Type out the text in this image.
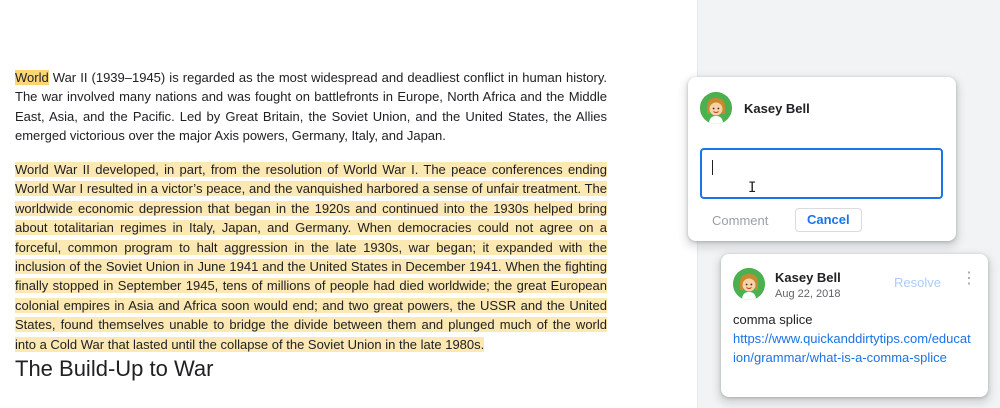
World War II (1939–1945) is regarded as the most widespread and deadliest conflict in human history. The war involved many nations and was fought on battlefronts in Europe, North Africa and the Middle East, Asia, and the Pacific. Led by Great Britain, the Soviet Union, and the United States, the Allies emerged victorious over the major Axis powers, Germany, Italy, and Japan.

World War II developed, in part, from the resolution of World War I. The peace conferences ending World War I resulted in a victor’s peace, and the vanquished harbored a sense of unfair treatment. The worldwide economic depression that began in the 1920s and continued into the 1930s helped bring about totalitarian regimes in Italy, Japan, and Germany. When democracies could not agree on a forceful, common program to halt aggression in the late 1930s, war began; it expanded with the inclusion of the Soviet Union in June 1941 and the United States in December 1941. When the fighting finally stopped in September 1945, tens of millions of people had died worldwide; the great European colonial empires in Asia and Africa soon would end; and two great powers, the USSR and the United States, found themselves unable to bridge the divide between them and plunged much of the world into a Cold War that lasted until the collapse of the Soviet Union in the late 1980s.

The Build-Up to War
Kasey Bell
I
Comment	Cancel
Kasey Bell
Aug 22, 2018
Resolve ⋮
comma splice
https://www.quickanddirtytips.com/education/grammar/what-is-a-comma-splice
